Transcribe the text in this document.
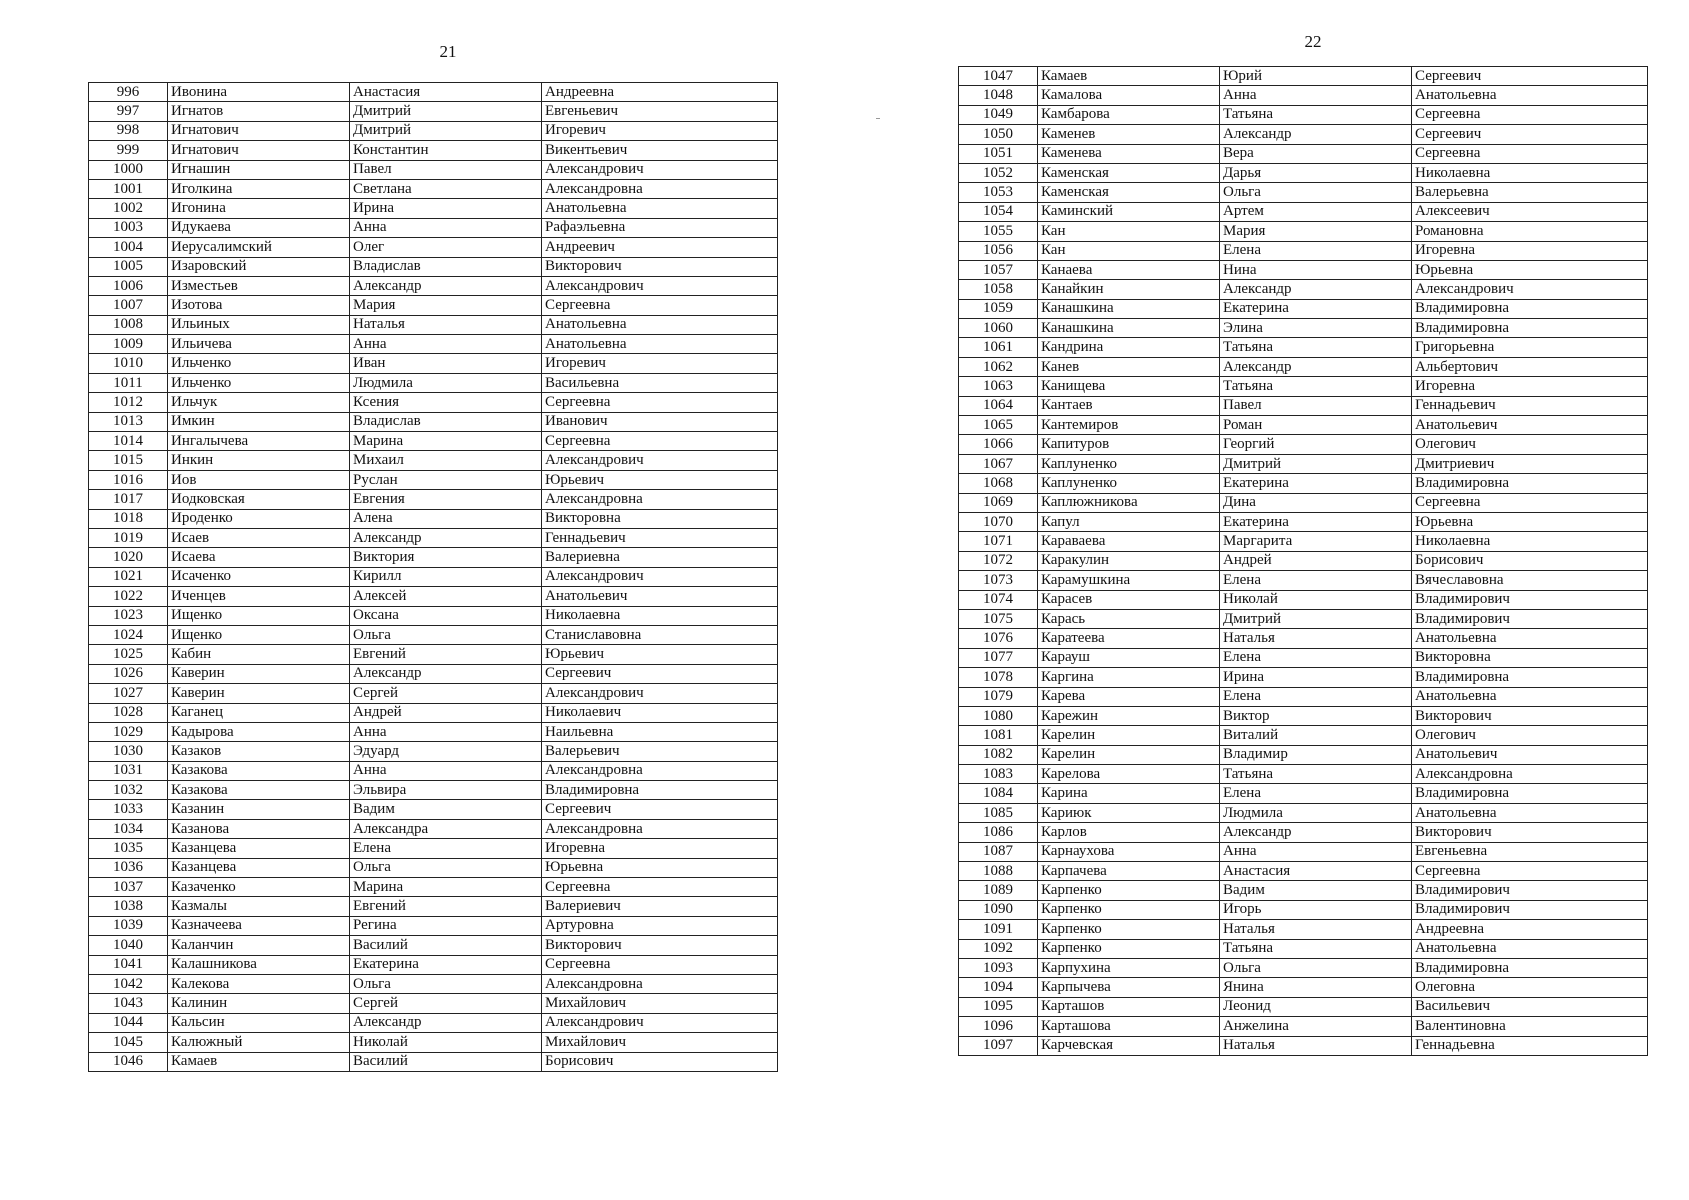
21
996	Ивонина	Анастасия	Андреевна
997	Игнатов	Дмитрий	Евгеньевич
998	Игнатович	Дмитрий	Игоревич
999	Игнатович	Константин	Викентьевич
1000	Игнашин	Павел	Александрович
1001	Иголкина	Светлана	Александровна
1002	Игонина	Ирина	Анатольевна
1003	Идукаева	Анна	Рафаэльевна
1004	Иерусалимский	Олег	Андреевич
1005	Изаровский	Владислав	Викторович
1006	Изместьев	Александр	Александрович
1007	Изотова	Мария	Сергеевна
1008	Ильиных	Наталья	Анатольевна
1009	Ильичева	Анна	Анатольевна
1010	Ильченко	Иван	Игоревич
1011	Ильченко	Людмила	Васильевна
1012	Ильчук	Ксения	Сергеевна
1013	Имкин	Владислав	Иванович
1014	Ингалычева	Марина	Сергеевна
1015	Инкин	Михаил	Александрович
1016	Иов	Руслан	Юрьевич
1017	Иодковская	Евгения	Александровна
1018	Ироденко	Алена	Викторовна
1019	Исаев	Александр	Геннадьевич
1020	Исаева	Виктория	Валериевна
1021	Исаченко	Кирилл	Александрович
1022	Иченцев	Алексей	Анатольевич
1023	Ищенко	Оксана	Николаевна
1024	Ищенко	Ольга	Станиславовна
1025	Кабин	Евгений	Юрьевич
1026	Каверин	Александр	Сергеевич
1027	Каверин	Сергей	Александрович
1028	Каганец	Андрей	Николаевич
1029	Кадырова	Анна	Наильевна
1030	Казаков	Эдуард	Валерьевич
1031	Казакова	Анна	Александровна
1032	Казакова	Эльвира	Владимировна
1033	Казанин	Вадим	Сергеевич
1034	Казанова	Александра	Александровна
1035	Казанцева	Елена	Игоревна
1036	Казанцева	Ольга	Юрьевна
1037	Казаченко	Марина	Сергеевна
1038	Казмалы	Евгений	Валериевич
1039	Казначеева	Регина	Артуровна
1040	Каланчин	Василий	Викторович
1041	Калашникова	Екатерина	Сергеевна
1042	Калекова	Ольга	Александровна
1043	Калинин	Сергей	Михайлович
1044	Кальсин	Александр	Александрович
1045	Калюжный	Николай	Михайлович
1046	Камаев	Василий	Борисович
22
1047	Камаев	Юрий	Сергеевич
1048	Камалова	Анна	Анатольевна
1049	Камбарова	Татьяна	Сергеевна
1050	Каменев	Александр	Сергеевич
1051	Каменева	Вера	Сергеевна
1052	Каменская	Дарья	Николаевна
1053	Каменская	Ольга	Валерьевна
1054	Каминский	Артем	Алексеевич
1055	Кан	Мария	Романовна
1056	Кан	Елена	Игоревна
1057	Канаева	Нина	Юрьевна
1058	Канайкин	Александр	Александрович
1059	Канашкина	Екатерина	Владимировна
1060	Канашкина	Элина	Владимировна
1061	Кандрина	Татьяна	Григорьевна
1062	Канев	Александр	Альбертович
1063	Канищева	Татьяна	Игоревна
1064	Кантаев	Павел	Геннадьевич
1065	Кантемиров	Роман	Анатольевич
1066	Капитуров	Георгий	Олегович
1067	Каплуненко	Дмитрий	Дмитриевич
1068	Каплуненко	Екатерина	Владимировна
1069	Каплюжникова	Дина	Сергеевна
1070	Капул	Екатерина	Юрьевна
1071	Караваева	Маргарита	Николаевна
1072	Каракулин	Андрей	Борисович
1073	Карамушкина	Елена	Вячеславовна
1074	Карасев	Николай	Владимирович
1075	Карась	Дмитрий	Владимирович
1076	Каратеева	Наталья	Анатольевна
1077	Карауш	Елена	Викторовна
1078	Каргина	Ирина	Владимировна
1079	Карева	Елена	Анатольевна
1080	Карежин	Виктор	Викторович
1081	Карелин	Виталий	Олегович
1082	Карелин	Владимир	Анатольевич
1083	Карелова	Татьяна	Александровна
1084	Карина	Елена	Владимировна
1085	Кариюк	Людмила	Анатольевна
1086	Карлов	Александр	Викторович
1087	Карнаухова	Анна	Евгеньевна
1088	Карпачева	Анастасия	Сергеевна
1089	Карпенко	Вадим	Владимирович
1090	Карпенко	Игорь	Владимирович
1091	Карпенко	Наталья	Андреевна
1092	Карпенко	Татьяна	Анатольевна
1093	Карпухина	Ольга	Владимировна
1094	Карпычева	Янина	Олеговна
1095	Карташов	Леонид	Васильевич
1096	Карташова	Анжелина	Валентиновна
1097	Карчевская	Наталья	Геннадьевна
